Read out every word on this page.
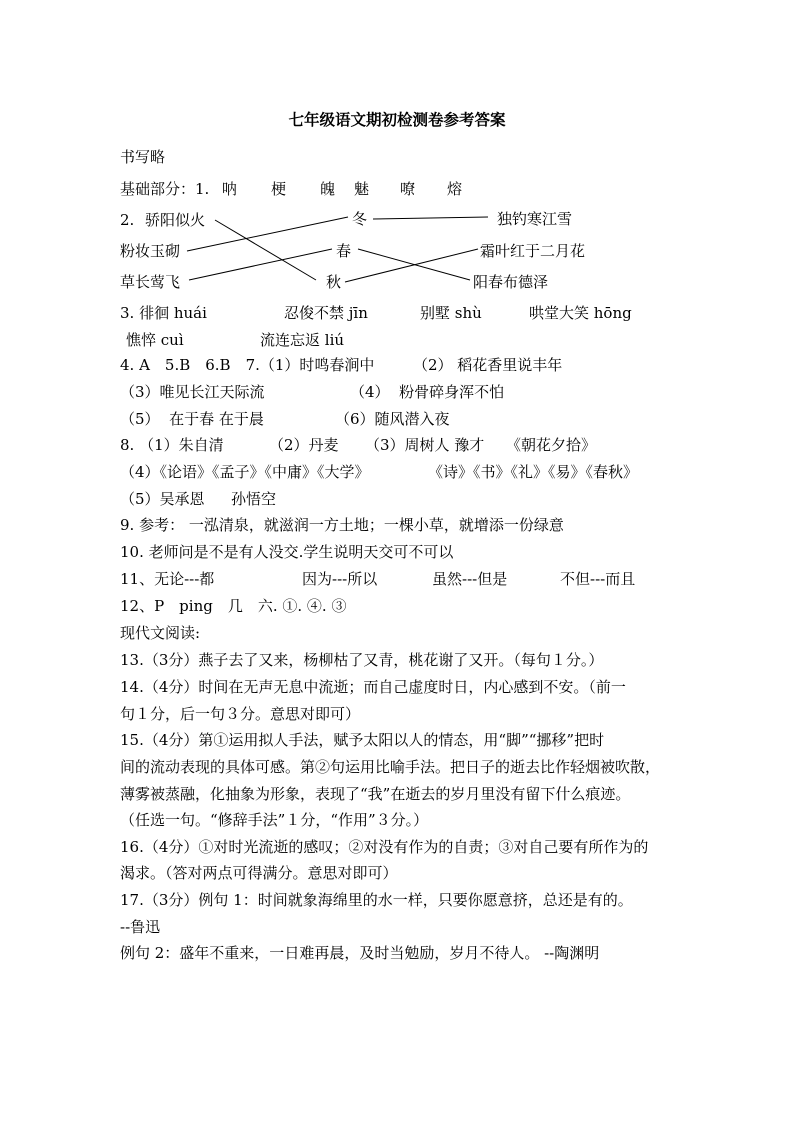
七年级语文期初检测卷参考答案
书写略
基础部分：1. 呐 梗 魄 魅 嘹 熔
2. 骄阳似火
粉妆玉砌
草长莺飞
冬
春
秋
独钓寒江雪
霜叶红于二月花
阳春布德泽
3. 徘徊 huái	忍俊不禁 jīn	别墅 shù	哄堂大笑 hōng
憔悴 cuì	流连忘返 liú
4. A　5.B　6.B　7.（1）时鸣春涧中	（2） 稻花香里说丰年
（3）唯见长江天际流	（4）  粉骨碎身浑不怕
（5）  在于春 在于晨	（6）随风潜入夜
8. （1）朱自清	（2）丹麦 （3）周树人 豫才 《朝花夕拾》
（4）《论语》《孟子》《中庸》《大学》	《诗》《书》《礼》《易》《春秋》
（5）吴承恩 孙悟空
9. 参考： 一泓清泉，就滋润一方土地；一棵小草，就增添一份绿意
10. 老师问是不是有人没交.学生说明天交可不可以
11、无论---都	因为---所以	虽然---但是	不但---而且
12、P　ping　几　六. ①. ④. ③
现代文阅读:
13.（3分）燕子去了又来，杨柳枯了又青，桃花谢了又开。（每句１分。）
14.（4分）时间在无声无息中流逝；而自己虚度时日，内心感到不安。（前一
句１分，后一句３分。意思对即可）
15.（4分）第①运用拟人手法，赋予太阳以人的情态，用“脚”“挪移”把时
间的流动表现的具体可感。第②句运用比喻手法。把日子的逝去比作轻烟被吹散，
薄雾被蒸融，化抽象为形象，表现了“我”在逝去的岁月里没有留下什么痕迹。
（任选一句。“修辞手法”１分，“作用”３分。）
16.（4分）①对时光流逝的感叹；②对没有作为的自责；③对自己要有所作为的
渴求。（答对两点可得满分。意思对即可）
17.（3分）例句 1：时间就象海绵里的水一样，只要你愿意挤，总还是有的。
--鲁迅
例句 2：盛年不重来，一日难再晨，及时当勉励，岁月不待人。 --陶渊明
